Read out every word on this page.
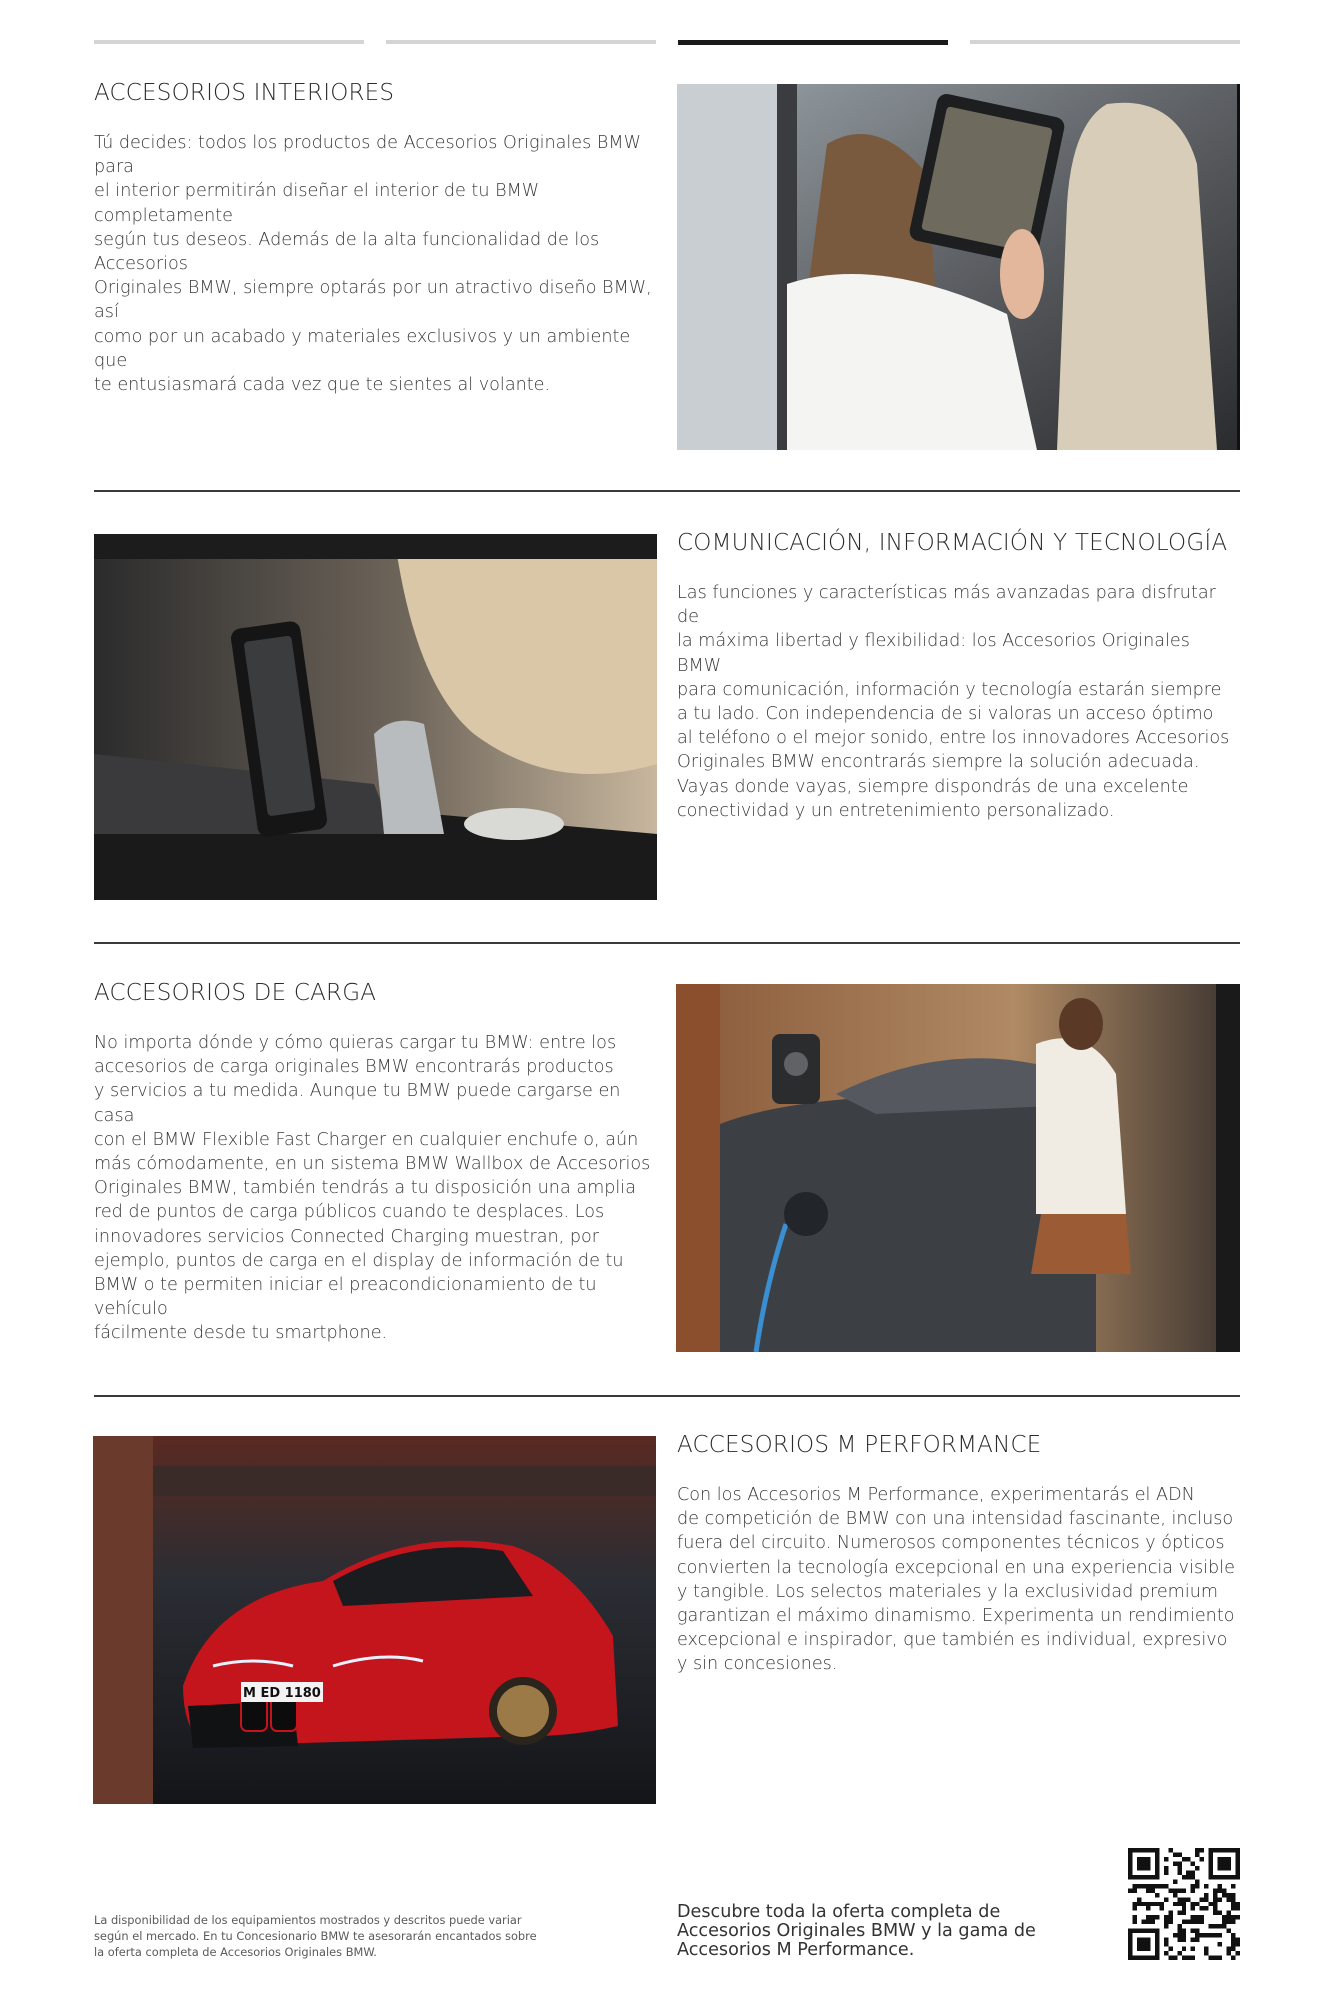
ACCESORIOS INTERIORES

Tú decides: todos los productos de Accesorios Originales BMW para
el interior permitirán diseñar el interior de tu BMW completamente
según tus deseos. Además de la alta funcionalidad de los Accesorios
Originales BMW, siempre optarás por un atractivo diseño BMW, así
como por un acabado y materiales exclusivos y un ambiente que
te entusiasmará cada vez que te sientes al volante.

COMUNICACIÓN, INFORMACIÓN Y TECNOLOGÍA

Las funciones y características más avanzadas para disfrutar de
la máxima libertad y flexibilidad: los Accesorios Originales BMW
para comunicación, información y tecnología estarán siempre
a tu lado. Con independencia de si valoras un acceso óptimo
al teléfono o el mejor sonido, entre los innovadores Accesorios
Originales BMW encontrarás siempre la solución adecuada.
Vayas donde vayas, siempre dispondrás de una excelente
conectividad y un entretenimiento personalizado.

ACCESORIOS DE CARGA

No importa dónde y cómo quieras cargar tu BMW: entre los
accesorios de carga originales BMW encontrarás productos
y servicios a tu medida. Aunque tu BMW puede cargarse en casa
con el BMW Flexible Fast Charger en cualquier enchufe o, aún
más cómodamente, en un sistema BMW Wallbox de Accesorios
Originales BMW, también tendrás a tu disposición una amplia
red de puntos de carga públicos cuando te desplaces. Los
innovadores servicios Connected Charging muestran, por
ejemplo, puntos de carga en el display de información de tu
BMW o te permiten iniciar el preacondicionamiento de tu vehículo
fácilmente desde tu smartphone.

M ED 1180
ACCESORIOS M PERFORMANCE

Con los Accesorios M Performance, experimentarás el ADN
de competición de BMW con una intensidad fascinante, incluso
fuera del circuito. Numerosos componentes técnicos y ópticos
convierten la tecnología excepcional en una experiencia visible
y tangible. Los selectos materiales y la exclusividad premium
garantizan el máximo dinamismo. Experimenta un rendimiento
excepcional e inspirador, que también es individual, expresivo
y sin concesiones.

La disponibilidad de los equipamientos mostrados y descritos puede variar
según el mercado. En tu Concesionario BMW te asesorarán encantados sobre
la oferta completa de Accesorios Originales BMW.

Descubre toda la oferta completa de
Accesorios Originales BMW y la gama de
Accesorios M Performance.
